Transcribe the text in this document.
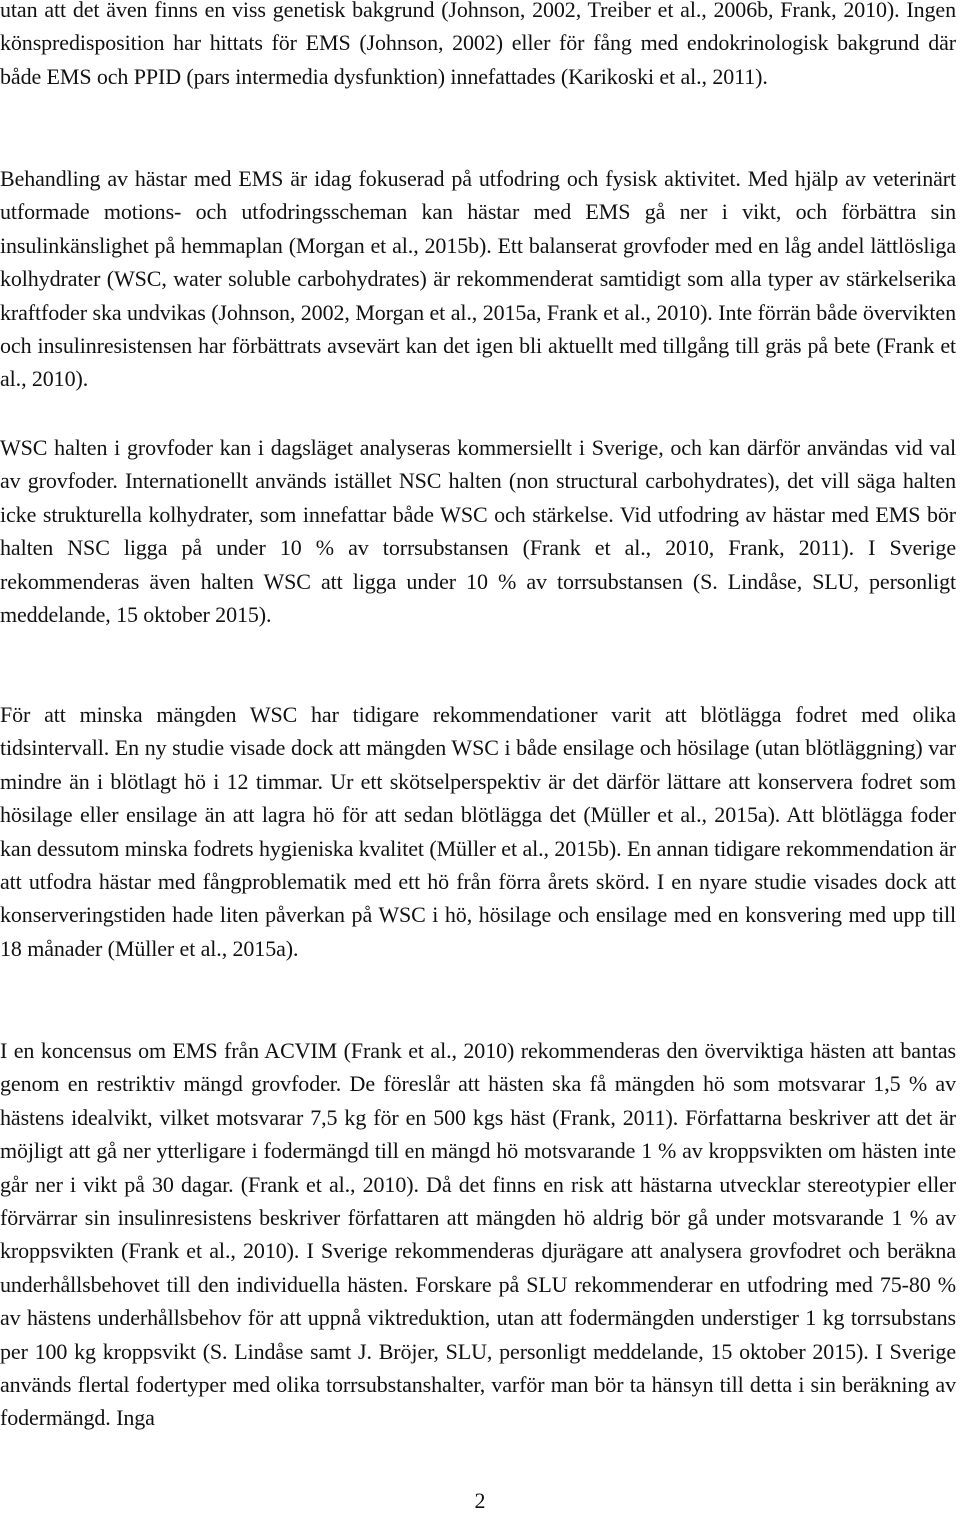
utan att det även finns en viss genetisk bakgrund (Johnson, 2002, Treiber et al., 2006b, Frank, 2010). Ingen könspredisposition har hittats för EMS (Johnson, 2002) eller för fång med endokrinologisk bakgrund där både EMS och PPID (pars intermedia dysfunktion) innefattades (Karikoski et al., 2011).

Behandling av hästar med EMS är idag fokuserad på utfodring och fysisk aktivitet. Med hjälp av veterinärt utformade motions- och utfodringsscheman kan hästar med EMS gå ner i vikt, och förbättra sin insulinkänslighet på hemmaplan (Morgan et al., 2015b). Ett balanserat grovfoder med en låg andel lättlösliga kolhydrater (WSC, water soluble carbohydrates) är rekommenderat samtidigt som alla typer av stärkelserika kraftfoder ska undvikas (Johnson, 2002, Morgan et al., 2015a, Frank et al., 2010). Inte förrän både övervikten och insulinresistensen har förbättrats avsevärt kan det igen bli aktuellt med tillgång till gräs på bete (Frank et al., 2010).

WSC halten i grovfoder kan i dagsläget analyseras kommersiellt i Sverige, och kan därför användas vid val av grovfoder. Internationellt används istället NSC halten (non structural carbohydrates), det vill säga halten icke strukturella kolhydrater, som innefattar både WSC och stärkelse. Vid utfodring av hästar med EMS bör halten NSC ligga på under 10 % av torrsubstansen (Frank et al., 2010, Frank, 2011). I Sverige rekommenderas även halten WSC att ligga under 10 % av torrsubstansen (S. Lindåse, SLU, personligt meddelande, 15 oktober 2015).

För att minska mängden WSC har tidigare rekommendationer varit att blötlägga fodret med olika tidsintervall. En ny studie visade dock att mängden WSC i både ensilage och hösilage (utan blötläggning) var mindre än i blötlagt hö i 12 timmar. Ur ett skötselperspektiv är det därför lättare att konservera fodret som hösilage eller ensilage än att lagra hö för att sedan blötlägga det (Müller et al., 2015a). Att blötlägga foder kan dessutom minska fodrets hygieniska kvalitet (Müller et al., 2015b). En annan tidigare rekommendation är att utfodra hästar med fångproblematik med ett hö från förra årets skörd. I en nyare studie visades dock att konserveringstiden hade liten påverkan på WSC i hö, hösilage och ensilage med en konsvering med upp till 18 månader (Müller et al., 2015a).

I en koncensus om EMS från ACVIM (Frank et al., 2010) rekommenderas den överviktiga hästen att bantas genom en restriktiv mängd grovfoder. De föreslår att hästen ska få mängden hö som motsvarar 1,5 % av hästens idealvikt, vilket motsvarar 7,5 kg för en 500 kgs häst (Frank, 2011). Författarna beskriver att det är möjligt att gå ner ytterligare i fodermängd till en mängd hö motsvarande 1 % av kroppsvikten om hästen inte går ner i vikt på 30 dagar. (Frank et al., 2010). Då det finns en risk att hästarna utvecklar stereotypier eller förvärrar sin insulinresistens beskriver författaren att mängden hö aldrig bör gå under motsvarande 1 % av kroppsvikten (Frank et al., 2010). I Sverige rekommenderas djurägare att analysera grovfodret och beräkna underhållsbehovet till den individuella hästen. Forskare på SLU rekommenderar en utfodring med 75-80 % av hästens underhållsbehov för att uppnå viktreduktion, utan att fodermängden understiger 1 kg torrsubstans per 100 kg kroppsvikt (S. Lindåse samt J. Bröjer, SLU, personligt meddelande, 15 oktober 2015). I Sverige används flertal fodertyper med olika torrsubstanshalter, varför man bör ta hänsyn till detta i sin beräkning av fodermängd. Inga

2
